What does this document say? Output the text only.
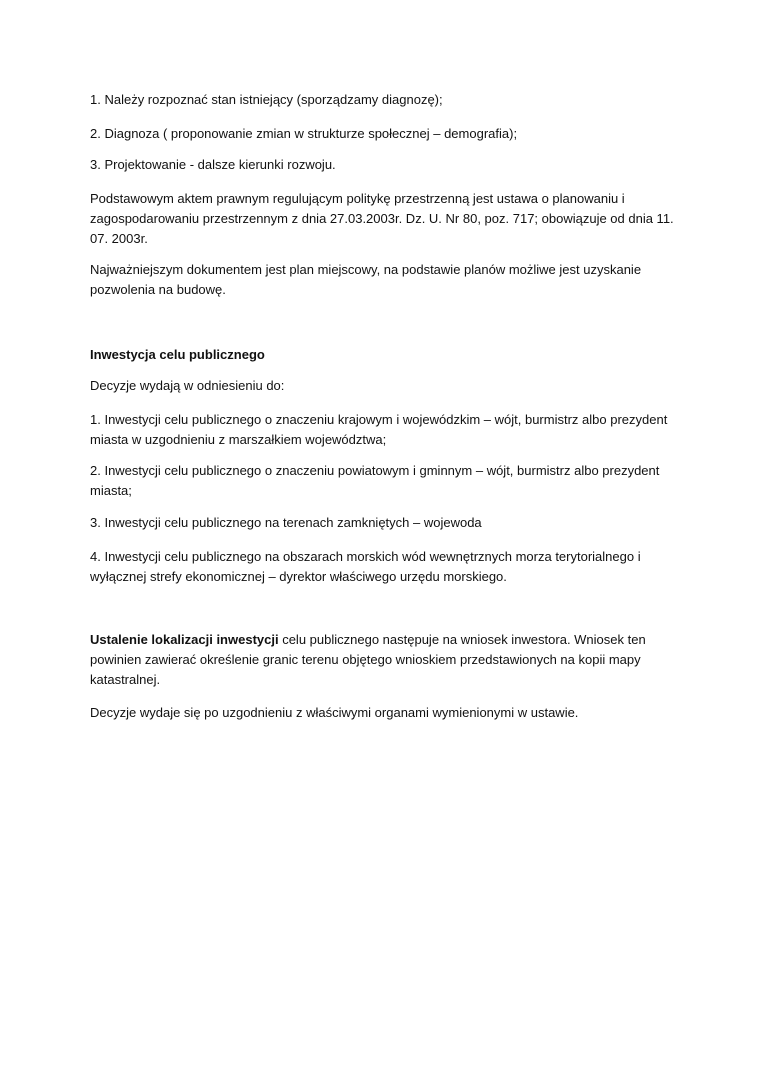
1. Należy rozpoznać stan istniejący (sporządzamy diagnozę);

2. Diagnoza ( proponowanie zmian w strukturze społecznej – demografia);

3. Projektowanie - dalsze kierunki rozwoju.

Podstawowym aktem prawnym regulującym politykę przestrzenną jest ustawa o planowaniu i zagospodarowaniu przestrzennym z dnia 27.03.2003r. Dz. U. Nr 80, poz. 717; obowiązuje od dnia 11. 07. 2003r.

Najważniejszym dokumentem jest plan miejscowy, na podstawie planów możliwe jest uzyskanie pozwolenia na budowę.

Inwestycja celu publicznego

Decyzje wydają w odniesieniu do:

1. Inwestycji celu publicznego o znaczeniu krajowym i wojewódzkim – wójt, burmistrz albo prezydent miasta w uzgodnieniu z marszałkiem województwa;

2. Inwestycji celu publicznego o znaczeniu powiatowym i gminnym – wójt, burmistrz albo prezydent miasta;

3. Inwestycji celu publicznego na terenach zamkniętych – wojewoda

4. Inwestycji celu publicznego na obszarach morskich wód wewnętrznych morza terytorialnego i wyłącznej strefy ekonomicznej – dyrektor właściwego urzędu morskiego.

Ustalenie lokalizacji inwestycji celu publicznego następuje na wniosek inwestora. Wniosek ten powinien zawierać określenie granic terenu objętego wnioskiem przedstawionych na kopii mapy katastralnej.

Decyzje wydaje się po uzgodnieniu z właściwymi organami wymienionymi w ustawie.
